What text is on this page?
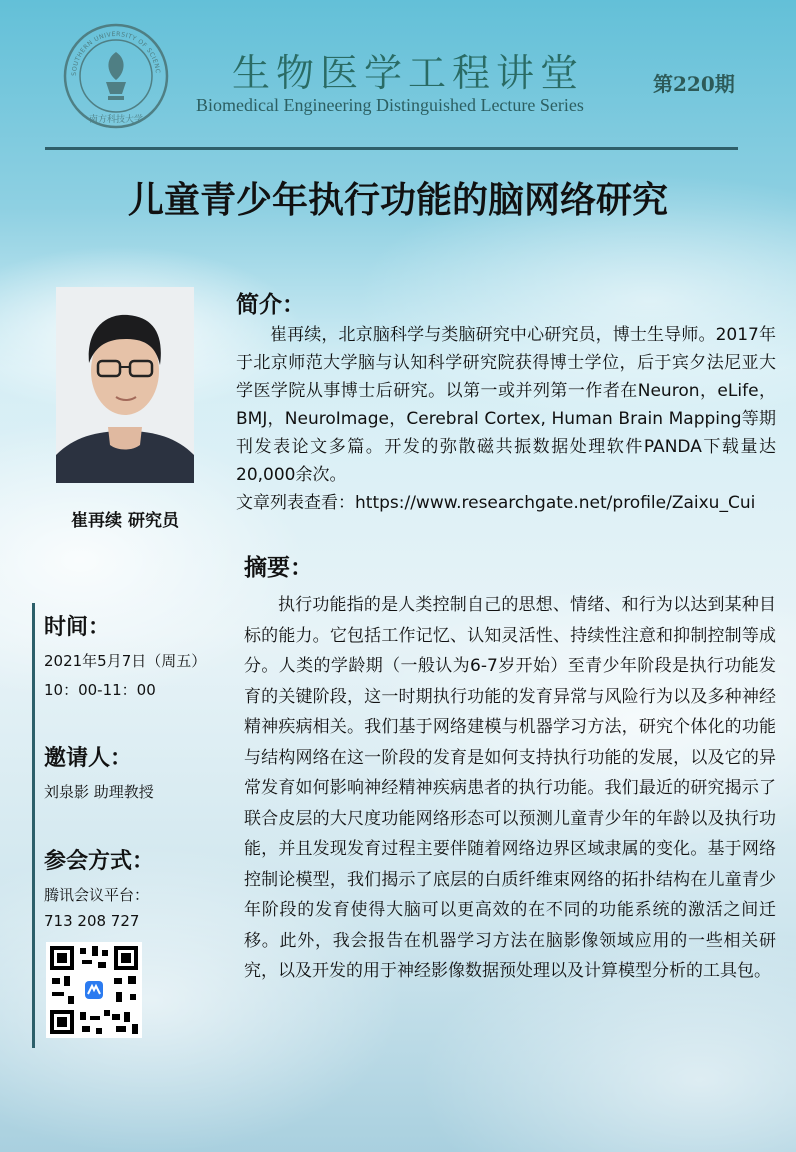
SOUTHERN UNIVERSITY OF SCIENC
南方科技大学
生物医学工程讲堂
Biomedical Engineering Distinguished Lecture Series
第220期
儿童青少年执行功能的脑网络研究
崔再续 研究员
简介：

崔再续，北京脑科学与类脑研究中心研究员，博士生导师。2017年于北京师范大学脑与认知科学研究院获得博士学位，后于宾夕法尼亚大学医学院从事博士后研究。以第一或并列第一作者在Neuron，eLife，BMJ，NeuroImage，Cerebral Cortex, Human Brain Mapping等期刊发表论文多篇。开发的弥散磁共振数据处理软件PANDA下载量达20,000余次。

文章列表查看：https://www.researchgate.net/profile/Zaixu_Cui

摘要：

执行功能指的是人类控制自己的思想、情绪、和行为以达到某种目标的能力。它包括工作记忆、认知灵活性、持续性注意和抑制控制等成分。人类的学龄期（一般认为6-7岁开始）至青少年阶段是执行功能发育的关键阶段，这一时期执行功能的发育异常与风险行为以及多种神经精神疾病相关。我们基于网络建模与机器学习方法，研究个体化的功能与结构网络在这一阶段的发育是如何支持执行功能的发展，以及它的异常发育如何影响神经精神疾病患者的执行功能。我们最近的研究揭示了联合皮层的大尺度功能网络形态可以预测儿童青少年的年龄以及执行功能，并且发现发育过程主要伴随着网络边界区域隶属的变化。基于网络控制论模型，我们揭示了底层的白质纤维束网络的拓扑结构在儿童青少年阶段的发育使得大脑可以更高效的在不同的功能系统的激活之间迁移。此外，我会报告在机器学习方法在脑影像领域应用的一些相关研究，以及开发的用于神经影像数据预处理以及计算模型分析的工具包。

时间：
2021年5月7日（周五）
10：00-11：00
邀请人：
刘泉影 助理教授
参会方式：
腾讯会议平台：
713 208 727
